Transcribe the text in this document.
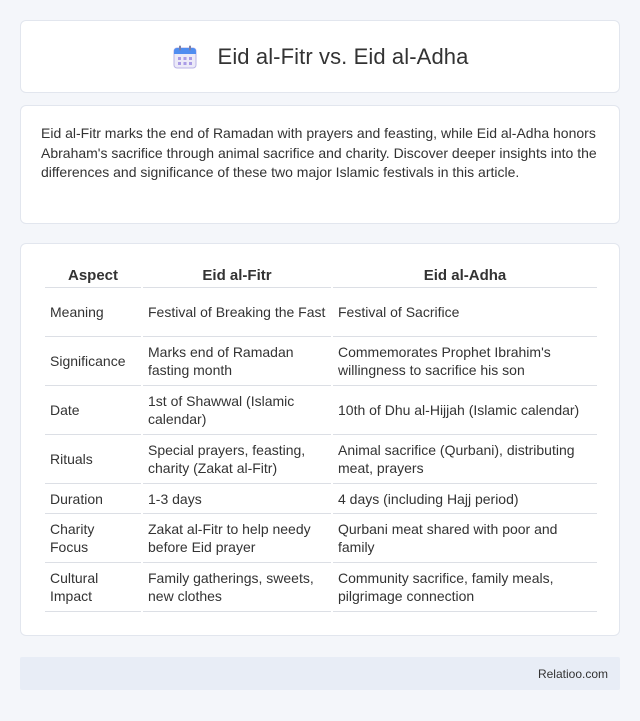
Eid al-Fitr vs. Eid al-Adha

Eid al-Fitr marks the end of Ramadan with prayers and feasting, while Eid al-Adha honors Abraham's sacrifice through animal sacrifice and charity. Discover deeper insights into the differences and significance of these two major Islamic festivals in this article.

Aspect	Eid al-Fitr	Eid al-Adha
Meaning	Festival of Breaking the Fast	Festival of Sacrifice
Significance	Marks end of Ramadan fasting month	Commemorates Prophet Ibrahim's willingness to sacrifice his son
Date	1st of Shawwal (Islamic calendar)	10th of Dhu al-Hijjah (Islamic calendar)
Rituals	Special prayers, feasting, charity (Zakat al-Fitr)	Animal sacrifice (Qurbani), distributing meat, prayers
Duration	1-3 days	4 days (including Hajj period)
Charity Focus	Zakat al-Fitr to help needy before Eid prayer	Qurbani meat shared with poor and family
Cultural Impact	Family gatherings, sweets, new clothes	Community sacrifice, family meals, pilgrimage connection
Relatioo.com
